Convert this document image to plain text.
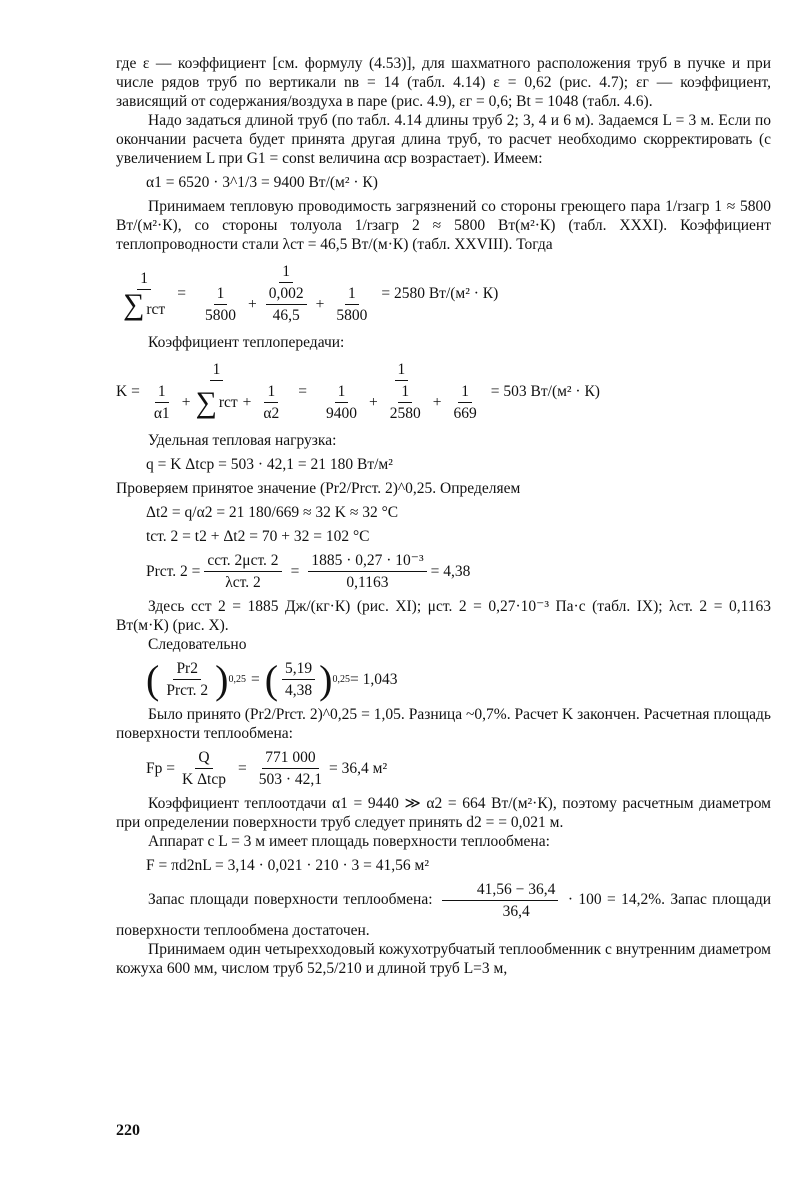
где ε — коэффициент [см. формулу (4.53)], для шахматного расположения труб в пучке и при числе рядов труб по вертикали nв = 14 (табл. 4.14) ε = 0,62 (рис. 4.7); εг — коэффициент, зависящий от содержания/воздуха в паре (рис. 4.9), εг = 0,6; Bt = 1048 (табл. 4.6).

Надо задаться длиной труб (по табл. 4.14 длины труб 2; 3, 4 и 6 м). Задаемся L = 3 м. Если по окончании расчета будет принята другая длина труб, то расчет необходимо скорректировать (с увеличением L при G1 = const величина αср возрастает). Имеем:

α1 = 6520 · 3^1/3 = 9400 Вт/(м² · К)

Принимаем тепловую проводимость загрязнений со стороны греющего пара 1/rзагр 1 ≈ 5800 Вт/(м²·К), со стороны толуола 1/rзагр 2 ≈ 5800 Вт(м²·К) (табл. XXXI). Коэффициент теплопроводности стали λст = 46,5 Вт/(м·К) (табл. XXVIII). Тогда

$\frac{1}{\text{∑ rст}} = \frac{1}{\frac{1}{5800} + \frac{0,002}{46,5} + \frac{1}{5800}} = 2580$ Вт/(м² · К)

Коэффициент теплопередачи:

$K = \frac{1}{\frac{1}{\alpha 1} + \sum rст + \frac{1}{\alpha 2}} = \frac{1}{\frac{1}{9400} + \frac{1}{2580} + \frac{1}{669}} = 503$ Вт/(м² · К)

Удельная тепловая нагрузка:

q = K Δtср = 503 · 42,1 = 21 180 Вт/м²

Проверяем принятое значение (Pr2/Prст. 2)^0,25. Определяем

Δt2 = q/α2 = 21 180/669 ≈ 32 K ≈ 32 °C
tст. 2 = t2 + Δt2 = 70 + 32 = 102 °C
Prст. $2 = \frac{\text{cст. 2μст. 2}}{\text{λст. 2}} = \frac{\text{1885 · 0,27 · 10⁻³}}{0,1163} = 4,38$

Здесь cст 2 = 1885 Дж/(кг·К) (рис. XI); μст. 2 = 0,27·10⁻³ Па·с (табл. IX); λст. 2 = 0,1163 Вт(м·К) (рис. X).

Следовательно

( $\frac{Pr2}{\text{Prст. 2}}$ ) 0,25 = ( $\frac{5,19}{4,38}$ ) 0,25 = 1,043

Было принято (Pr2/Prст. 2)^0,25 = 1,05. Разница ~0,7%. Расчет K закончен. Расчетная площадь поверхности теплообмена:

Fр = $\frac{Q}{\text{K Δtср}} = \frac{771 000}{503 \cdot 42,1} = 36,4$ м²

Коэффициент теплоотдачи α1 = 9440 ≫ α2 = 664 Вт/(м²·К), поэтому расчетным диаметром при определении поверхности труб следует принять d2 = = 0,021 м.

Аппарат с L = 3 м имеет площадь поверхности теплообмена:

F = πd2nL = 3,14 · 0,021 · 210 · 3 = 41,56 м²

Запас площади поверхности теплообмена: $\frac{41,56 - 36,4}{36,4} \cdot 100 = 14,2\%$. Запас площади поверхности теплообмена достаточен.

Принимаем один четырехходовый кожухотрубчатый теплообменник с внутренним диаметром кожуха 600 мм, числом труб 52,5/210 и длиной труб L=3 м,

220
